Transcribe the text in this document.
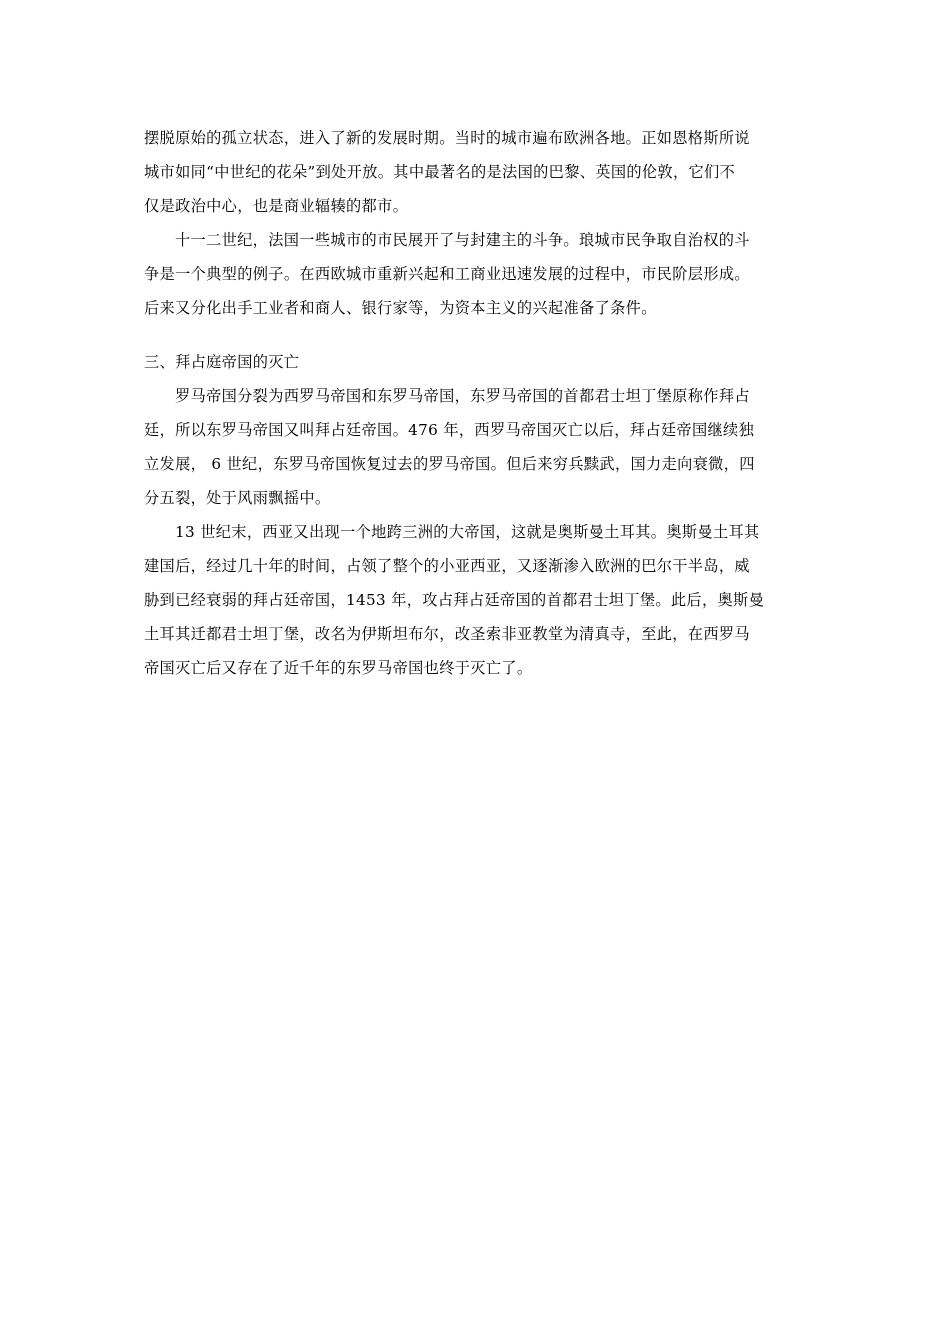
摆脱原始的孤立状态，进入了新的发展时期。当时的城市遍布欧洲各地。正如恩格斯所说
城市如同“中世纪的花朵”到处开放。其中最著名的是法国的巴黎、英国的伦敦，它们不
仅是政治中心，也是商业辐辏的都市。
十一二世纪，法国一些城市的市民展开了与封建主的斗争。琅城市民争取自治权的斗
争是一个典型的例子。在西欧城市重新兴起和工商业迅速发展的过程中，市民阶层形成。
后来又分化出手工业者和商人、银行家等，为资本主义的兴起准备了条件。
三、拜占庭帝国的灭亡
罗马帝国分裂为西罗马帝国和东罗马帝国，东罗马帝国的首都君士坦丁堡原称作拜占
廷，所以东罗马帝国又叫拜占廷帝国。476 年，西罗马帝国灭亡以后，拜占廷帝国继续独
立发展， 6 世纪，东罗马帝国恢复过去的罗马帝国。但后来穷兵黩武，国力走向衰微，四
分五裂，处于风雨飘摇中。
13 世纪末，西亚又出现一个地跨三洲的大帝国，这就是奥斯曼土耳其。奥斯曼土耳其
建国后，经过几十年的时间，占领了整个的小亚西亚，又逐渐渗入欧洲的巴尔干半岛，威
胁到已经衰弱的拜占廷帝国，1453 年，攻占拜占廷帝国的首都君士坦丁堡。此后，奥斯曼
土耳其迁都君士坦丁堡，改名为伊斯坦布尔，改圣索非亚教堂为清真寺，至此，在西罗马
帝国灭亡后又存在了近千年的东罗马帝国也终于灭亡了。
